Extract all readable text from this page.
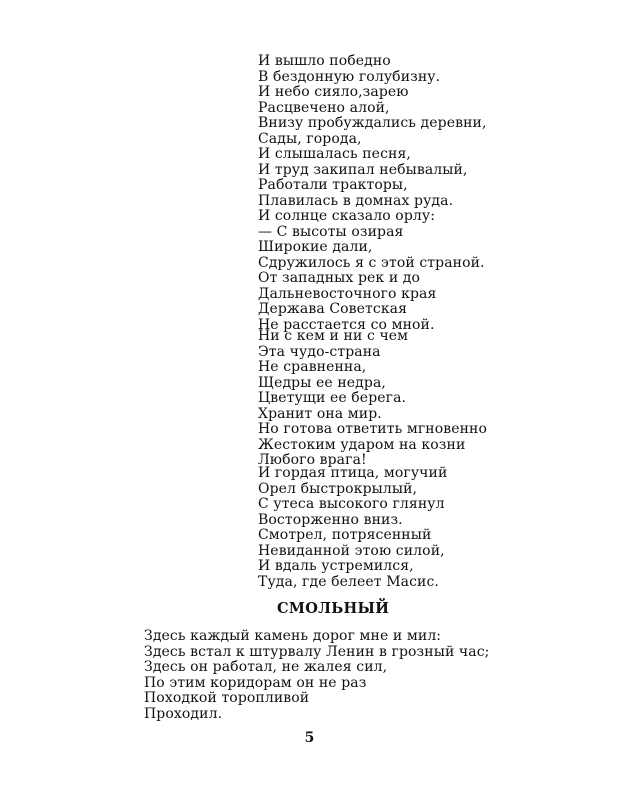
И вышло победно
В бездонную голубизну.
И небо сияло,зарею
Расцвечено алой,
Внизу пробуждались деревни,
Сады, города,
И слышалась песня,
И труд закипал небывалый,
Работали тракторы,
Плавилась в домнах руда.
И солнце сказало орлу:
— С высоты озирая
Широкие дали,
Сдружилось я с этой страной.
От западных рек и до
Дальневосточного края
Держава Советская
Не расстается со мной.
Ни с кем и ни с чем
Эта чудо-страна
Не сравненна,
Щедры ее недра,
Цветущи ее берега.
Хранит она мир.
Но готова ответить мгновенно
Жестоким ударом на козни
Любого врага!
И гордая птица, могучий
Орел быстрокрылый,
С утеса высокого глянул
Восторженно вниз.
Смотрел, потрясенный
Невиданной этою силой,
И вдаль устремился,
Туда, где белеет Масис.
СМОЛЬНЫЙ
Здесь каждый камень дорог мне и мил:
Здесь встал к штурвалу Ленин в грозный час;
Здесь он работал, не жалея сил,
По этим коридорам он не раз
Походкой торопливой
Проходил.
5
